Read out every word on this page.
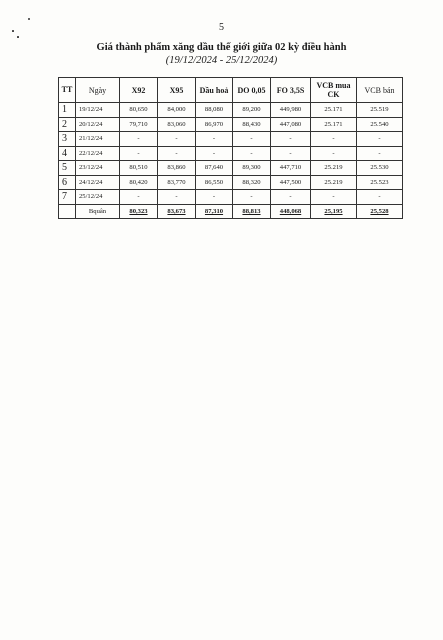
5
Giá thành phẩm xăng dầu thế giới giữa 02 kỳ điều hành
(19/12/2024 - 25/12/2024)
TT	Ngày	X92	X95	Dầu hoả	DO 0,05	FO 3,5S	VCB mua CK	VCB bán
1	19/12/24	80,650	84,000	88,080	89,200	449,980	25.171	25.519
2	20/12/24	79,710	83,060	86,970	88,430	447,080	25.171	25.540
3	21/12/24	-	-	-	-	-	-	-
4	22/12/24	-	-	-	-	-	-	-
5	23/12/24	80,510	83,860	87,640	89,300	447,710	25.219	25.530
6	24/12/24	80,420	83,770	86,550	88,320	447,500	25.219	25.523
7	25/12/24	-	-	-	-	-	-	-
	Bquân	80,323	83,673	87,310	88,813	448,068	25,195	25,528
